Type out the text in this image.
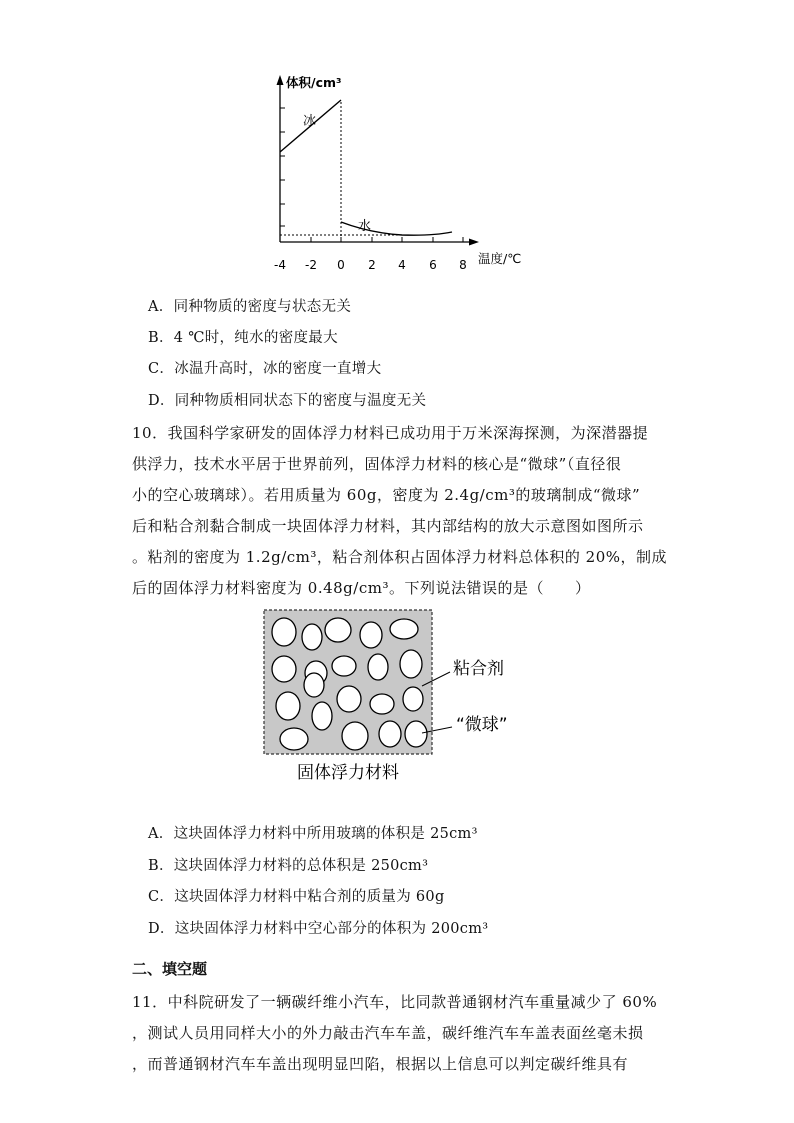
体积/cm³
冰
水
温度/℃
-4 -2 0 2 4 6 8
A．同种物质的密度与状态无关
B．4 ℃时，纯水的密度最大
C．冰温升高时，冰的密度一直增大
D．同种物质相同状态下的密度与温度无关
10．我国科学家研发的固体浮力材料已成功用于万米深海探测，为深潜器提
供浮力，技术水平居于世界前列，固体浮力材料的核心是“微球”（直径很
小的空心玻璃球）。若用质量为 60g，密度为 2.4g/cm³的玻璃制成“微球”
后和粘合剂黏合制成一块固体浮力材料，其内部结构的放大示意图如图所示
。粘剂的密度为 1.2g/cm³，粘合剂体积占固体浮力材料总体积的 20%，制成
后的固体浮力材料密度为 0.48g/cm³。下列说法错误的是（　　）
粘合剂
“微球”
固体浮力材料
A．这块固体浮力材料中所用玻璃的体积是 25cm³
B．这块固体浮力材料的总体积是 250cm³
C．这块固体浮力材料中粘合剂的质量为 60g
D．这块固体浮力材料中空心部分的体积为 200cm³
二、填空题
11．中科院研发了一辆碳纤维小汽车，比同款普通钢材汽车重量减少了 60%
，测试人员用同样大小的外力敲击汽车车盖，碳纤维汽车车盖表面丝毫未损
，而普通钢材汽车车盖出现明显凹陷，根据以上信息可以判定碳纤维具有
